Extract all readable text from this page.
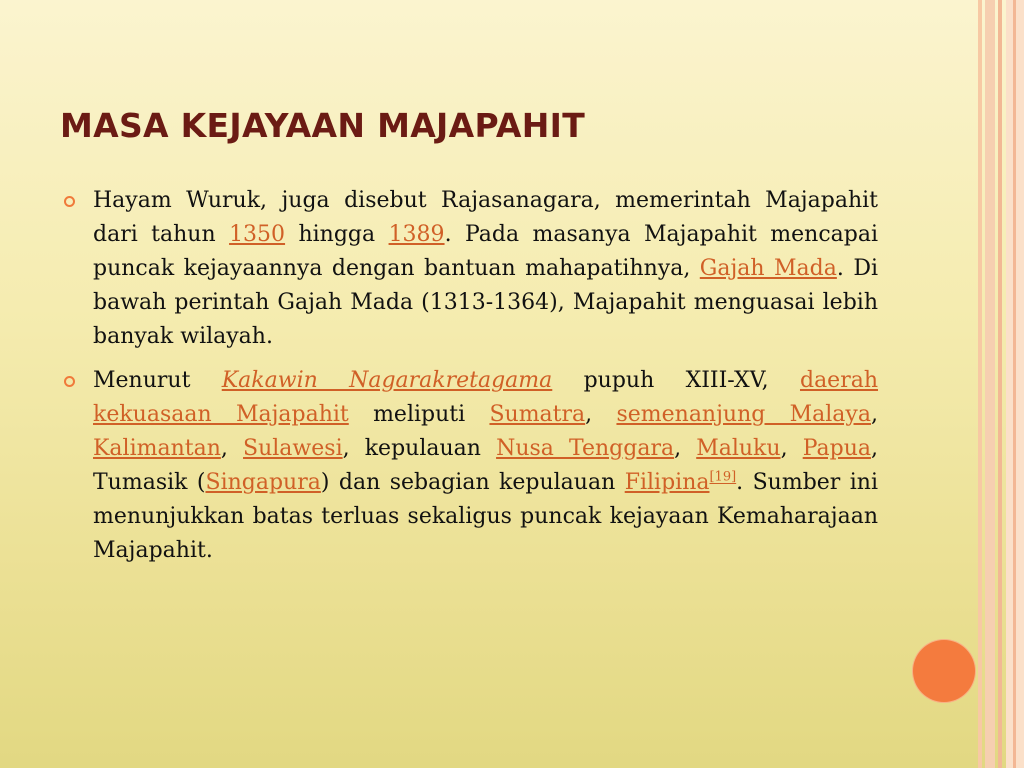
MASA KEJAYAAN MAJAPAHIT

Hayam Wuruk, juga disebut Rajasanagara, memerintah Majapahit dari tahun 1350 hingga 1389. Pada masanya Majapahit mencapai puncak kejayaannya dengan bantuan mahapatihnya, Gajah Mada. Di bawah perintah Gajah Mada (1313-1364), Majapahit menguasai lebih banyak wilayah.

Menurut Kakawin Nagarakretagama pupuh XIII-XV, daerah kekuasaan Majapahit meliputi Sumatra, semenanjung Malaya, Kalimantan, Sulawesi, kepulauan Nusa Tenggara, Maluku, Papua, Tumasik (Singapura) dan sebagian kepulauan Filipina[19]. Sumber ini menunjukkan batas terluas sekaligus puncak kejayaan Kemaharajaan Majapahit.
